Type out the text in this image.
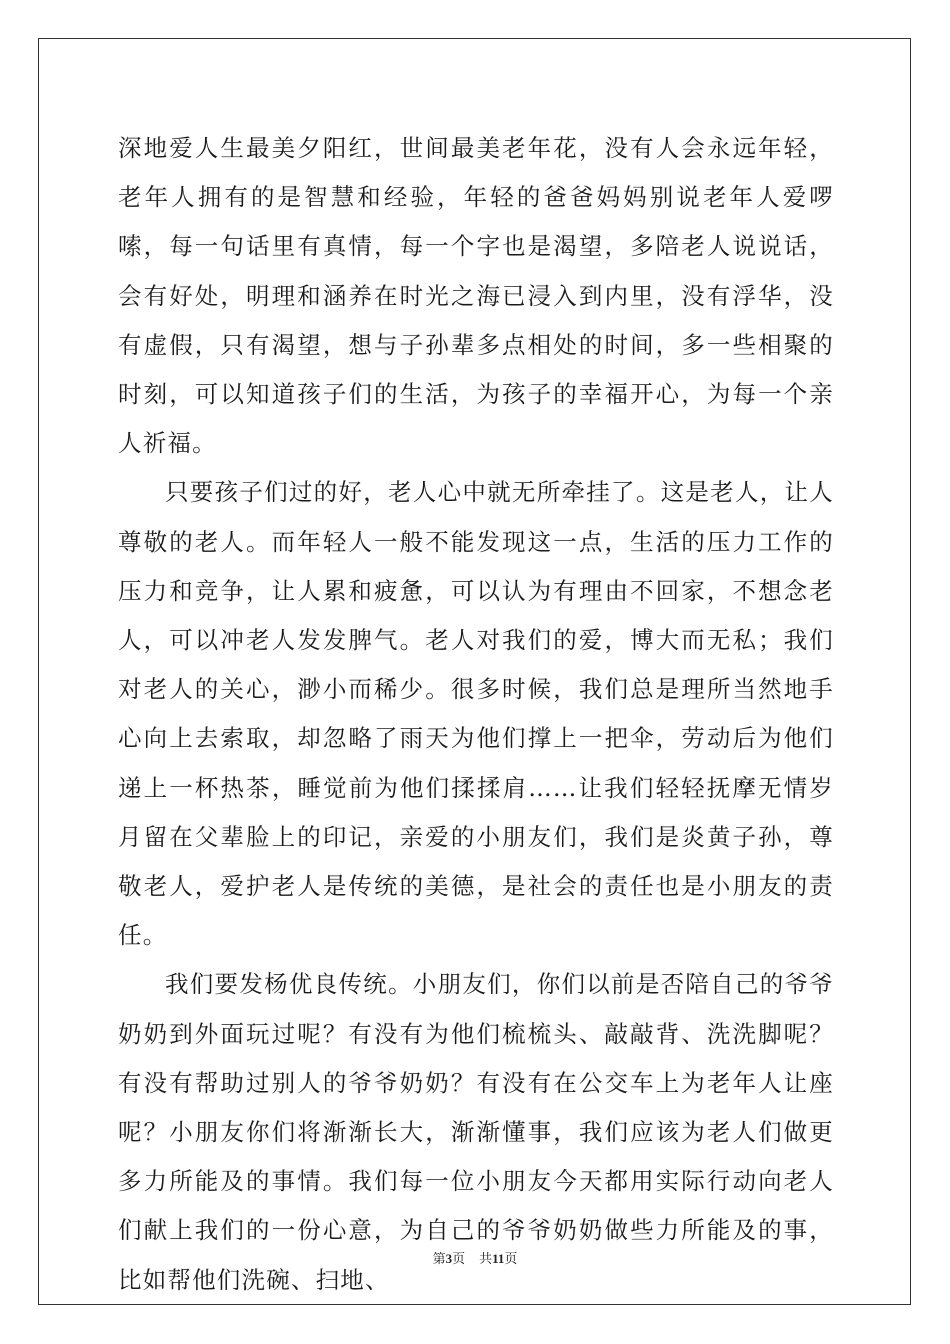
深地爱人生最美夕阳红，世间最美老年花，没有人会永远年轻，老年人拥有的是智慧和经验，年轻的爸爸妈妈别说老年人爱啰嗦，每一句话里有真情，每一个字也是渴望，多陪老人说说话，会有好处，明理和涵养在时光之海已浸入到内里，没有浮华，没有虚假，只有渴望，想与子孙辈多点相处的时间，多一些相聚的时刻，可以知道孩子们的生活，为孩子的幸福开心，为每一个亲人祈福。

只要孩子们过的好，老人心中就无所牵挂了。这是老人，让人尊敬的老人。而年轻人一般不能发现这一点，生活的压力工作的压力和竞争，让人累和疲惫，可以认为有理由不回家，不想念老人，可以冲老人发发脾气。老人对我们的爱，博大而无私；我们对老人的关心，渺小而稀少。很多时候，我们总是理所当然地手心向上去索取，却忽略了雨天为他们撑上一把伞，劳动后为他们递上一杯热茶，睡觉前为他们揉揉肩……让我们轻轻抚摩无情岁月留在父辈脸上的印记，亲爱的小朋友们，我们是炎黄子孙，尊敬老人，爱护老人是传统的美德，是社会的责任也是小朋友的责任。

我们要发杨优良传统。小朋友们，你们以前是否陪自己的爷爷奶奶到外面玩过呢？有没有为他们梳梳头、敲敲背、洗洗脚呢？有没有帮助过别人的爷爷奶奶？有没有在公交车上为老年人让座呢？小朋友你们将渐渐长大，渐渐懂事，我们应该为老人们做更多力所能及的事情。我们每一位小朋友今天都用实际行动向老人们献上我们的一份心意，为自己的爷爷奶奶做些力所能及的事，比如帮他们洗碗、扫地、

第3页 共11页
